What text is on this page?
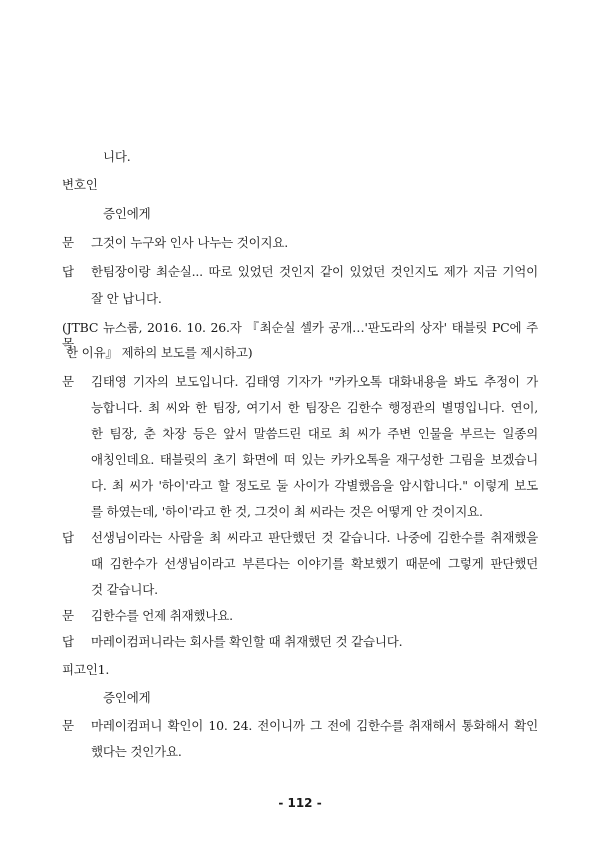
니다.
변호인
증인에게
문 그것이 누구와 인사 나누는 것이지요.
답 한팀장이랑 최순실... 따로 있었던 것인지 같이 있었던 것인지도 제가 지금 기억이
잘 안 납니다.
(JTBC 뉴스룸, 2016. 10. 26.자 『최순실 셀카 공개…'판도라의 상자' 태블릿 PC에 주목
한 이유』 제하의 보도를 제시하고)
문 김태영 기자의 보도입니다. 김태영 기자가 "카카오톡 대화내용을 봐도 추정이 가
능합니다. 최 씨와 한 팀장, 여기서 한 팀장은 김한수 행정관의 별명입니다. 연이,
한 팀장, 춘 차장 등은 앞서 말씀드린 대로 최 씨가 주변 인물을 부르는 일종의
애칭인데요. 태블릿의 초기 화면에 떠 있는 카카오톡을 재구성한 그림을 보겠습니
다. 최 씨가 '하이'라고 할 정도로 둘 사이가 각별했음을 암시합니다." 이렇게 보도
를 하였는데, '하이'라고 한 것, 그것이 최 씨라는 것은 어떻게 안 것이지요.
답 선생님이라는 사람을 최 씨라고 판단했던 것 같습니다. 나중에 김한수를 취재했을
때 김한수가 선생님이라고 부른다는 이야기를 확보했기 때문에 그렇게 판단했던
것 같습니다.
문 김한수를 언제 취재했나요.
답 마레이컴퍼니라는 회사를 확인할 때 취재했던 것 같습니다.
피고인1.
증인에게
문 마레이컴퍼니 확인이 10. 24. 전이니까 그 전에 김한수를 취재해서 통화해서 확인
했다는 것인가요.
- 112 -
